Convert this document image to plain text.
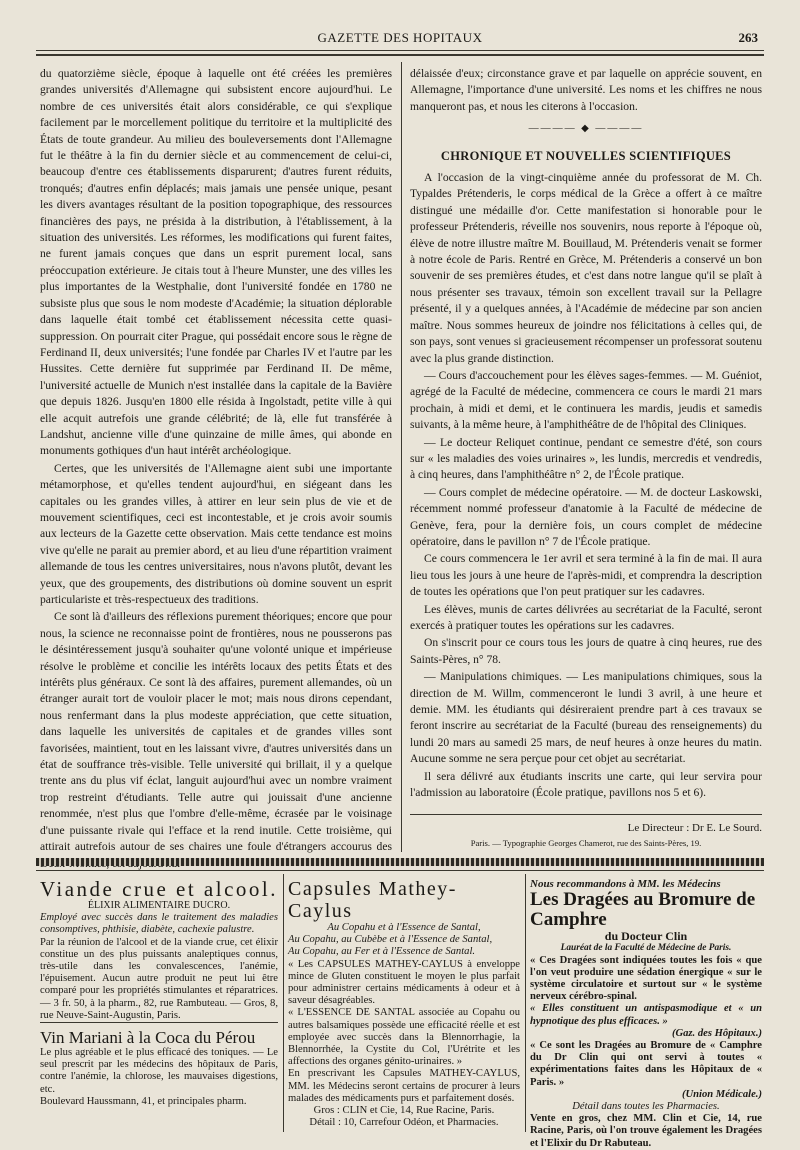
GAZETTE DES HOPITAUX	263

du quatorzième siècle, époque à laquelle ont été créées les premières grandes universités d'Allemagne qui subsistent encore aujourd'hui. Le nombre de ces universités était alors considérable, ce qui s'explique facilement par le morcellement politique du territoire et la multiplicité des États de toute grandeur. Au milieu des bouleversements dont l'Allemagne fut le théâtre à la fin du dernier siècle et au commencement de celui-ci, beaucoup d'entre ces établissements disparurent; d'autres furent réduits, tronqués; d'autres enfin déplacés; mais jamais une pensée unique, pesant les divers avantages résultant de la position topographique, des ressources financières des pays, ne présida à la distribution, à l'établissement, à la situation des universités. Les réformes, les modifications qui furent faites, ne furent jamais conçues que dans un esprit purement local, sans préoccupation extérieure. Je citais tout à l'heure Munster, une des villes les plus importantes de la Westphalie, dont l'université fondée en 1780 ne subsiste plus que sous le nom modeste d'Académie; la situation déplorable dans laquelle était tombé cet établissement nécessita cette quasi-suppression. On pourrait citer Prague, qui possédait encore sous le règne de Ferdinand II, deux universités; l'une fondée par Charles IV et l'autre par les Hussites. Cette dernière fut supprimée par Ferdinand II. De même, l'université actuelle de Munich n'est installée dans la capitale de la Bavière que depuis 1826. Jusqu'en 1800 elle résida à Ingolstadt, petite ville à qui elle acquit autrefois une grande célébrité; de là, elle fut transférée à Landshut, ancienne ville d'une quinzaine de mille âmes, qui abonde en monuments gothiques d'un haut intérêt archéologique.

Certes, que les universités de l'Allemagne aient subi une importante métamorphose, et qu'elles tendent aujourd'hui, en siégeant dans les capitales ou les grandes villes, à attirer en leur sein plus de vie et de mouvement scientifiques, ceci est incontestable, et je crois avoir soumis aux lecteurs de la Gazette cette observation. Mais cette tendance est moins vive qu'elle ne parait au premier abord, et au lieu d'une répartition vraiment allemande de tous les centres universitaires, nous n'avons plutôt, devant les yeux, que des groupements, des distributions où domine souvent un esprit particulariste et très-respectueux des traditions.

Ce sont là d'ailleurs des réflexions purement théoriques; encore que pour nous, la science ne reconnaisse point de frontières, nous ne pousserons pas le désintéressement jusqu'à souhaiter qu'une volonté unique et impérieuse résolve le problème et concilie les intérêts locaux des petits États et des intérêts plus généraux. Ce sont là des affaires, purement allemandes, où un étranger aurait tort de vouloir placer le mot; mais nous dirons cependant, nous renfermant dans la plus modeste appréciation, que cette situation, dans laquelle les universités de capitales et de grandes villes sont favorisées, maintient, tout en les laissant vivre, d'autres universités dans un état de souffrance très-visible. Telle université qui brillait, il y a quelque trente ans du plus vif éclat, languit aujourd'hui avec un nombre vraiment trop restreint d'étudiants. Telle autre qui jouissait d'une ancienne renommée, n'est plus que l'ombre d'elle-même, écrasée par le voisinage d'une puissante rivale qui l'efface et la rend inutile. Cette troisième, qui attirait autrefois autour de ses chaires une foule d'étrangers accourus des

délaissée d'eux; circonstance grave et par laquelle on apprécie souvent, en Allemagne, l'importance d'une université. Les noms et les chiffres ne nous manqueront pas, et nous les citerons à l'occasion.

———— ◆ ————
CHRONIQUE ET NOUVELLES SCIENTIFIQUES

A l'occasion de la vingt-cinquième année du professorat de M. Ch. Typaldes Prétenderis, le corps médical de la Grèce a offert à ce maître distingué une médaille d'or. Cette manifestation si honorable pour le professeur Prétenderis, réveille nos souvenirs, nous reporte à l'époque où, élève de notre illustre maître M. Bouillaud, M. Prétenderis venait se former à notre école de Paris. Rentré en Grèce, M. Prétenderis a conservé un bon souvenir de ses premières études, et c'est dans notre langue qu'il se plaît à nous présenter ses travaux, témoin son excellent travail sur la Pellagre présenté, il y a quelques années, à l'Académie de médecine par son ancien maître. Nous sommes heureux de joindre nos félicitations à celles qui, de son pays, sont venues si gracieusement récompenser un professorat soutenu avec la plus grande distinction.

— Cours d'accouchement pour les élèves sages-femmes. — M. Guéniot, agrégé de la Faculté de médecine, commencera ce cours le mardi 21 mars prochain, à midi et demi, et le continuera les mardis, jeudis et samedis suivants, à la même heure, à l'amphithéâtre de de l'hôpital des Cliniques.

— Le docteur Reliquet continue, pendant ce semestre d'été, son cours sur « les maladies des voies urinaires », les lundis, mercredis et vendredis, à cinq heures, dans l'amphithéâtre n° 2, de l'École pratique.

— Cours complet de médecine opératoire. — M. de docteur Laskowski, récemment nommé professeur d'anatomie à la Faculté de médecine de Genève, fera, pour la dernière fois, un cours complet de médecine opératoire, dans le pavillon n° 7 de l'École pratique.

Ce cours commencera le 1er avril et sera terminé à la fin de mai. Il aura lieu tous les jours à une heure de l'après-midi, et comprendra la description de toutes les opérations que l'on peut pratiquer sur les cadavres.

Les élèves, munis de cartes délivrées au secrétariat de la Faculté, seront exercés à pratiquer toutes les opérations sur les cadavres.

On s'inscrit pour ce cours tous les jours de quatre à cinq heures, rue des Saints-Pères, n° 78.

— Manipulations chimiques. — Les manipulations chimiques, sous la direction de M. Willm, commenceront le lundi 3 avril, à une heure et demie. MM. les étudiants qui désireraient prendre part à ces travaux se feront inscrire au secrétariat de la Faculté (bureau des renseignements) du lundi 20 mars au samedi 25 mars, de neuf heures à onze heures du matin. Aucune somme ne sera perçue pour cet objet au secrétariat.

Il sera délivré aux étudiants inscrits une carte, qui leur servira pour l'admission au laboratoire (École pratique, pavillons nos 5 et 6).

Le Directeur : Dr E. Le Sourd.
Paris. — Typographie Georges Chamerot, rue des Saints-Pères, 19.
Viande crue et alcool.
ÉLIXIR ALIMENTAIRE DUCRO.

Employé avec succès dans le traitement des maladies consomptives, phthisie, diabète, cachexie palustre.

Par la réunion de l'alcool et de la viande crue, cet élixir constitue un des plus puissants analeptiques connus, très-utile dans les convalescences, l'anémie, l'épuisement. Aucun autre produit ne peut lui être comparé pour les propriétés stimulantes et réparatrices. — 3 fr. 50, à la pharm., 82, rue Rambuteau. — Gros, 8, rue Neuve-Saint-Augustin, Paris.

Vin Mariani à la Coca du Pérou

Le plus agréable et le plus efficacé des toniques. — Le seul prescrit par les médecins des hôpitaux de Paris, contre l'anémie, la chlorose, les mauvaises digestions, etc.

Boulevard Haussmann, 41, et principales pharm.

Capsules Mathey-Caylus

Au Copahu et à l'Essence de Santal,

Au Copahu, au Cubèbe et à l'Essence de Santal,

Au Copahu, au Fer et à l'Essence de Santal.

« Les CAPSULES MATHEY-CAYLUS à enveloppe mince de Gluten constituent le moyen le plus parfait pour administrer certains médicaments à odeur et à saveur désagréables.

« L'ESSENCE DE SANTAL associée au Copahu ou autres balsamiques possède une efficacité réelle et est employée avec succès dans la Blennorrhagie, la Blennorrhée, la Cystite du Col, l'Urétrite et les affections des organes génito-urinaires. »

En prescrivant les Capsules MATHEY-CAYLUS, MM. les Médecins seront certains de procurer à leurs malades des médicaments purs et parfaitement dosés.

Gros : CLIN et Cie, 14, Rue Racine, Paris.

Détail : 10, Carrefour Odéon, et Pharmacies.

Nous recommandons à MM. les Médecins
Les Dragées au Bromure de Camphre
du Docteur Clin
Lauréat de la Faculté de Médecine de Paris.

« Ces Dragées sont indiquées toutes les fois « que l'on veut produire une sédation énergique « sur le système circulatoire et surtout sur « le système nerveux cérébro-spinal.

« Elles constituent un antispasmodique et « un hypnotique des plus efficaces. »

(Gaz. des Hôpitaux.)

« Ce sont les Dragées au Bromure de « Camphre du Dr Clin qui ont servi à toutes « expérimentations faites dans les Hôpitaux de « Paris. »

(Union Médicale.)

Détail dans toutes les Pharmacies.

Vente en gros, chez MM. Clin et Cie, 14, rue Racine, Paris, où l'on trouve également les Dragées et l'Elixir du Dr Rabuteau.
